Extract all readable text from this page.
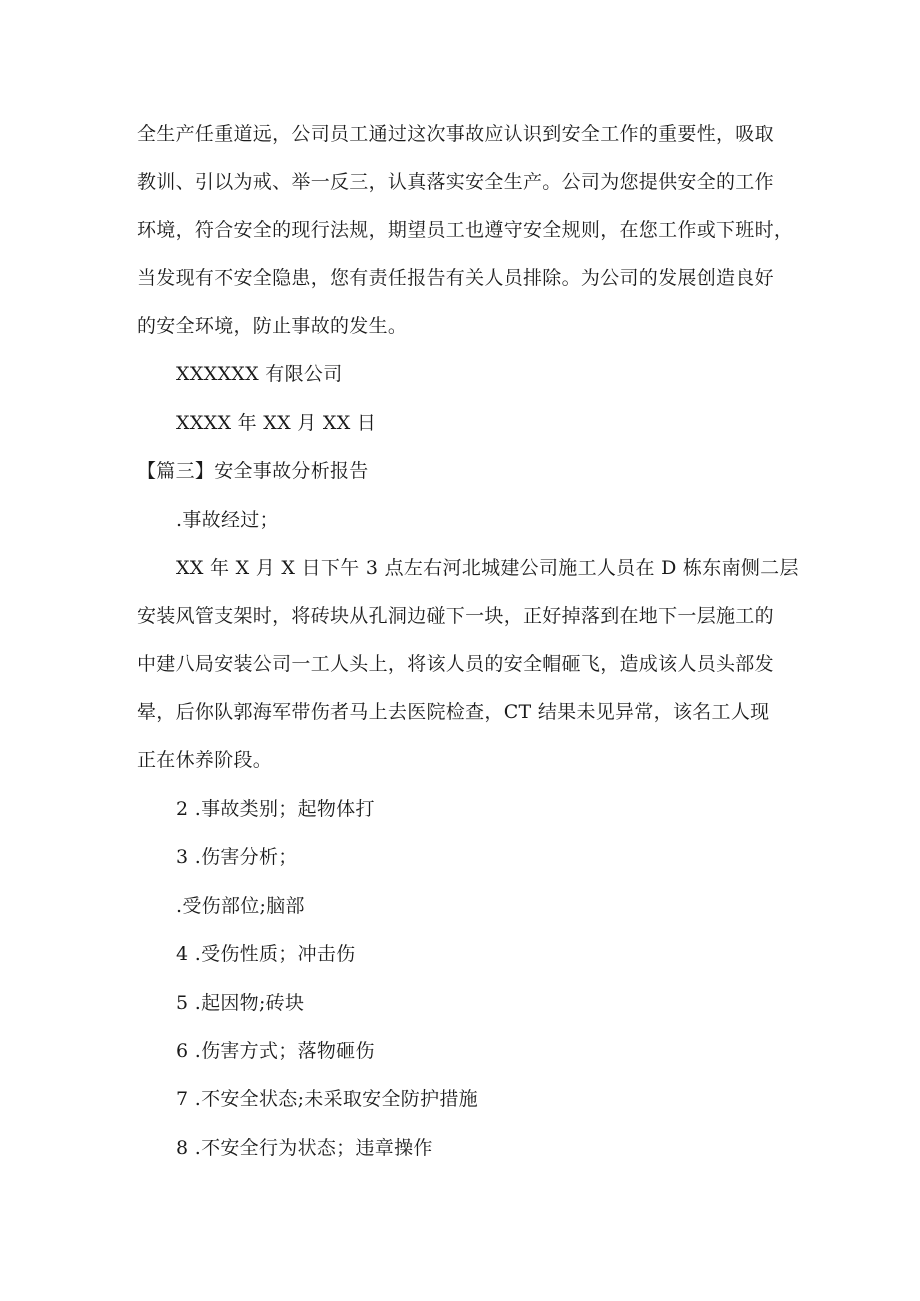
全生产任重道远，公司员工通过这次事故应认识到安全工作的重要性，吸取
教训、引以为戒、举一反三，认真落实安全生产。公司为您提供安全的工作
环境，符合安全的现行法规，期望员工也遵守安全规则，在您工作或下班时，
当发现有不安全隐患，您有责任报告有关人员排除。为公司的发展创造良好
的安全环境，防止事故的发生。
XXXXXX 有限公司
XXXX 年 XX 月 XX 日
【篇三】安全事故分析报告
.事故经过；
XX 年 X 月 X 日下午 3 点左右河北城建公司施工人员在 D 栋东南侧二层
安装风管支架时，将砖块从孔洞边碰下一块，正好掉落到在地下一层施工的
中建八局安装公司一工人头上，将该人员的安全帽砸飞，造成该人员头部发
晕，后你队郭海军带伤者马上去医院检查，CT 结果未见异常，该名工人现
正在休养阶段。
2 .事故类别；起物体打
3 .伤害分析；
.受伤部位;脑部
4 .受伤性质；冲击伤
5 .起因物;砖块
6 .伤害方式；落物砸伤
7 .不安全状态;未采取安全防护措施
8 .不安全行为状态；违章操作
